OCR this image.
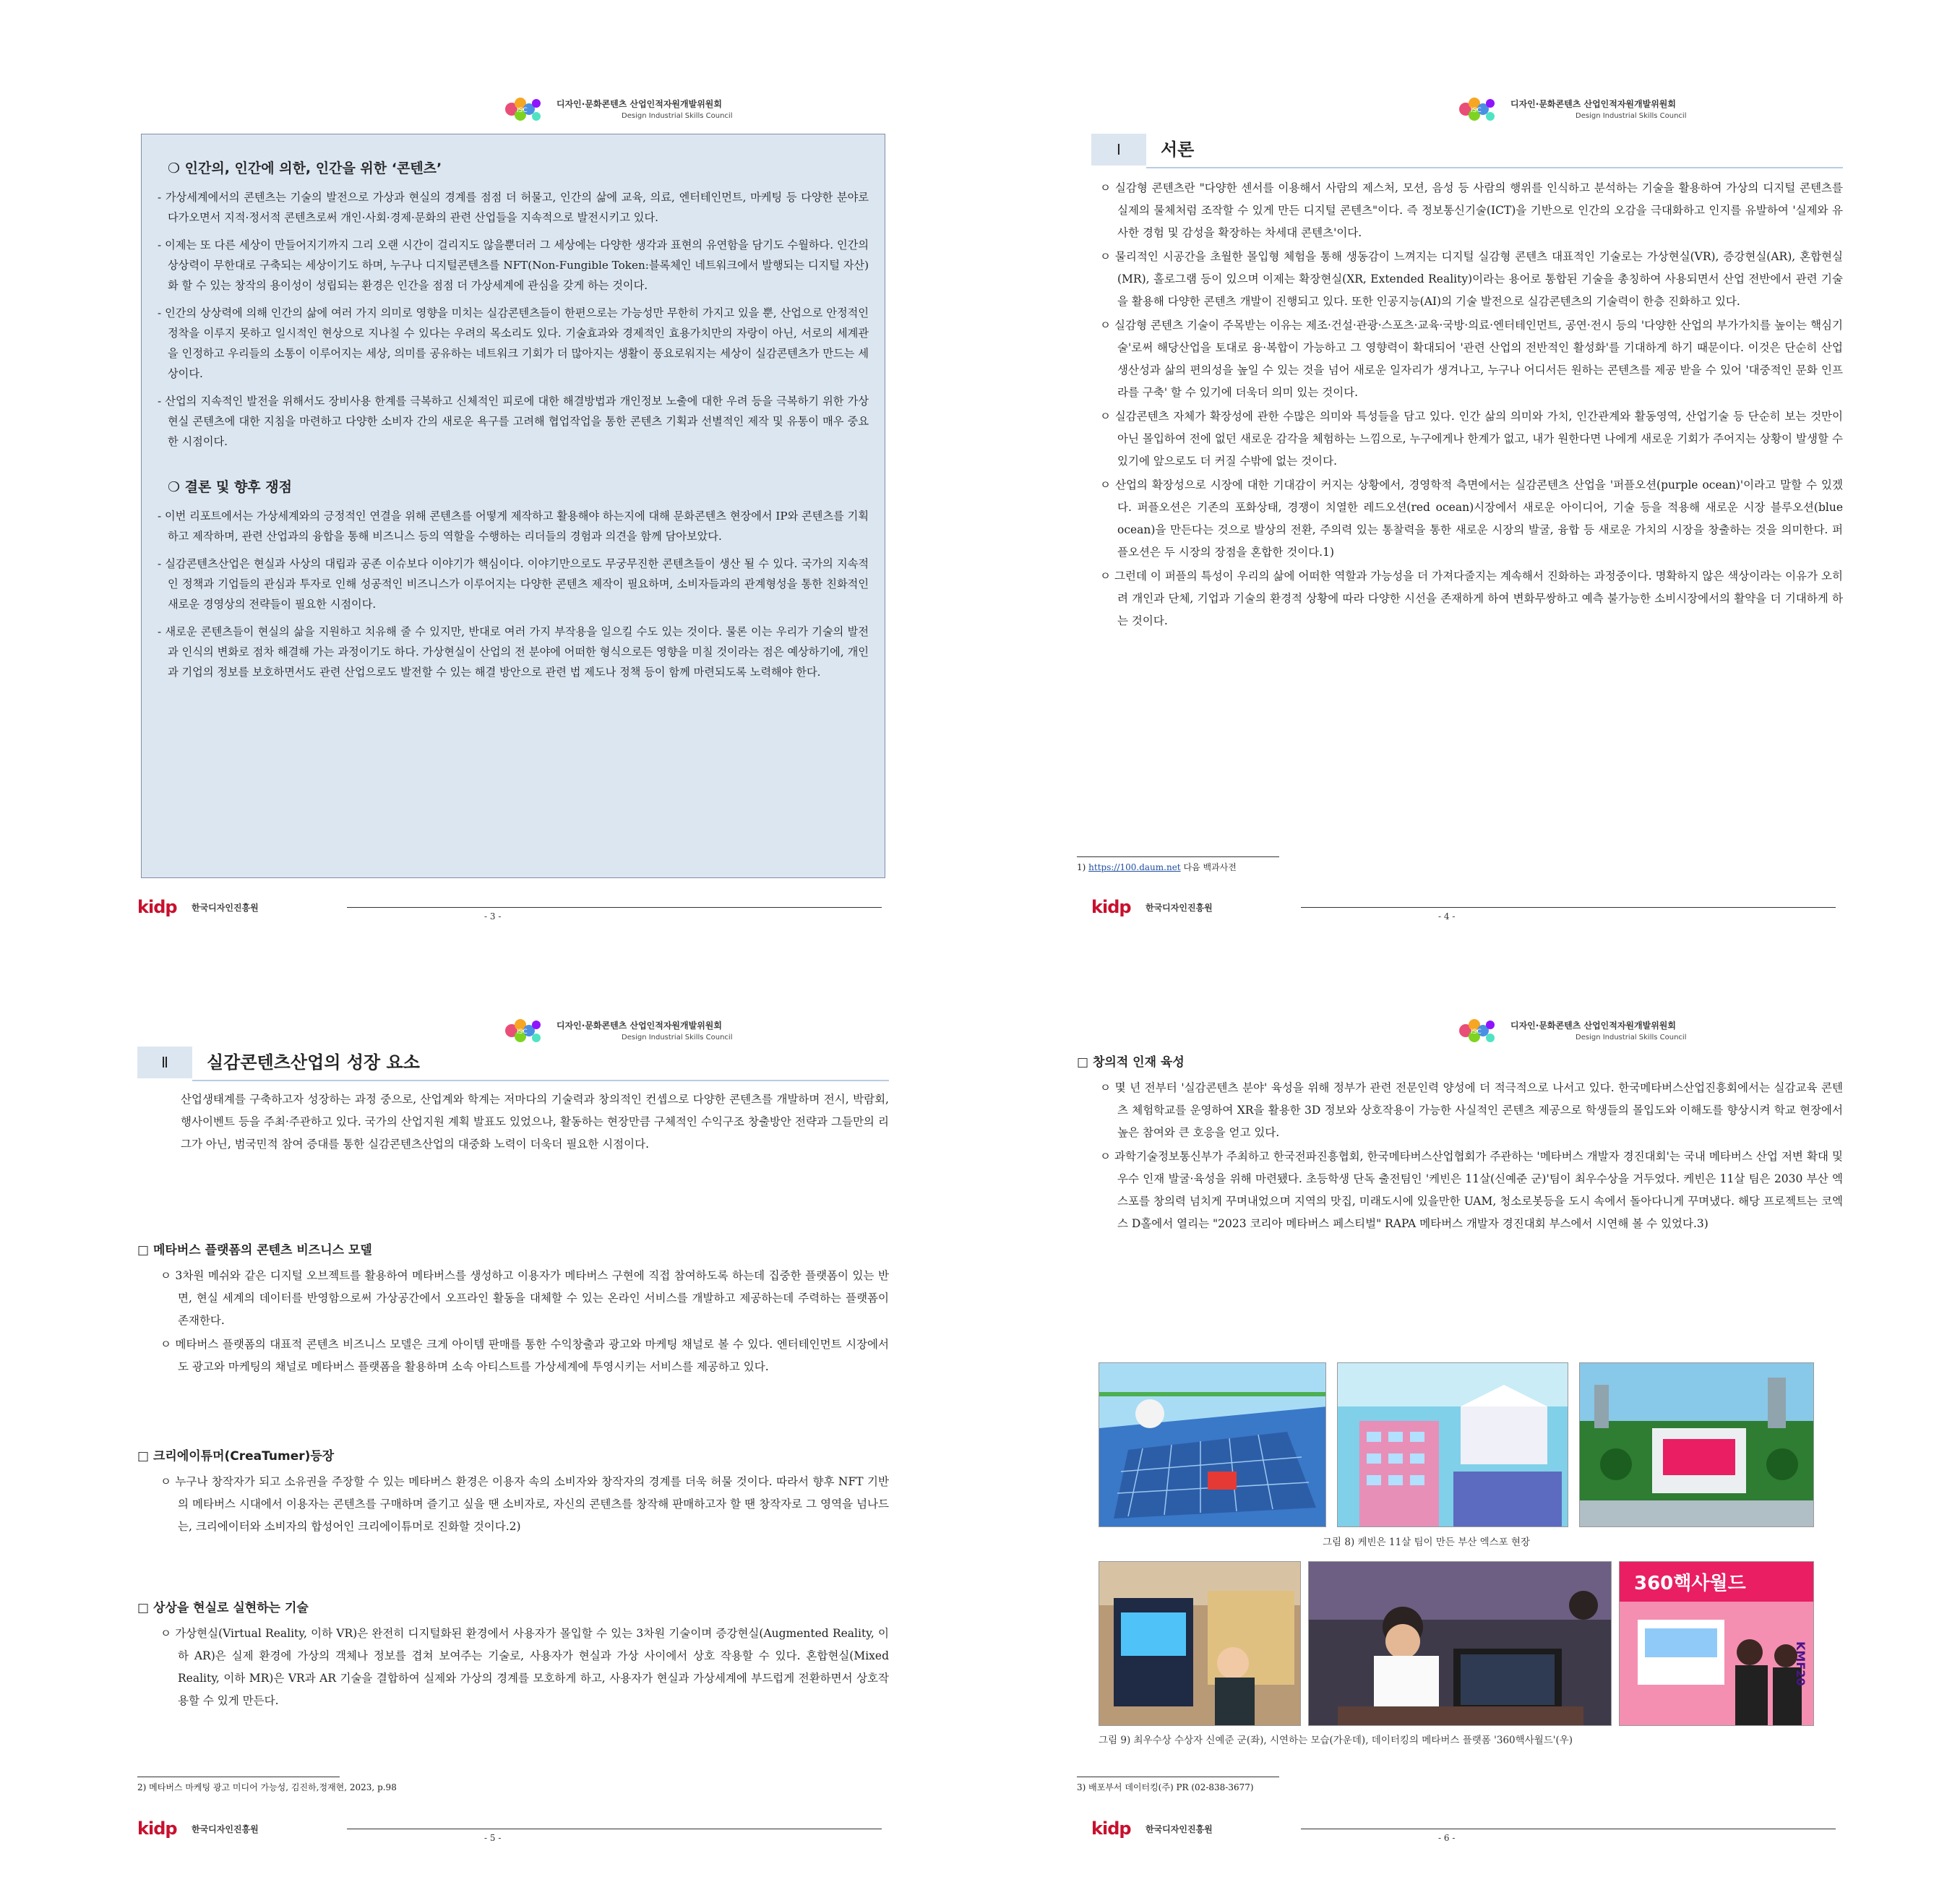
ISC
디자인·문화콘텐츠 산업인적자원개발위원회
Design Industrial Skills Council
❍ 인간의, 인간에 의한, 인간을 위한 ‘콘텐츠’
- 가상세계에서의 콘텐츠는 기술의 발전으로 가상과 현실의 경계를 점점 더 허물고, 인간의 삶에 교육, 의료, 엔터테인먼트, 마케팅 등 다양한 분야로 다가오면서 지적·정서적 콘텐츠로써 개인·사회·경제·문화의 관련 산업들을 지속적으로 발전시키고 있다.
- 이제는 또 다른 세상이 만들어지기까지 그리 오랜 시간이 걸리지도 않을뿐더러 그 세상에는 다양한 생각과 표현의 유연함을 담기도 수월하다. 인간의 상상력이 무한대로 구축되는 세상이기도 하며, 누구나 디지털콘텐츠를 NFT(Non-Fungible Token:블록체인 네트워크에서 발행되는 디지털 자산)화 할 수 있는 창작의 용이성이 성립되는 환경은 인간을 점점 더 가상세계에 관심을 갖게 하는 것이다.
- 인간의 상상력에 의해 인간의 삶에 여러 가지 의미로 영향을 미치는 실감콘텐츠들이 한편으로는 가능성만 무한히 가지고 있을 뿐, 산업으로 안정적인 정착을 이루지 못하고 일시적인 현상으로 지나칠 수 있다는 우려의 목소리도 있다. 기술효과와 경제적인 효용가치만의 자랑이 아닌, 서로의 세계관을 인정하고 우리들의 소통이 이루어지는 세상, 의미를 공유하는 네트워크 기회가 더 많아지는 생활이 풍요로워지는 세상이 실감콘텐츠가 만드는 세상이다.
- 산업의 지속적인 발전을 위해서도 장비사용 한계를 극복하고 신체적인 피로에 대한 해결방법과 개인정보 노출에 대한 우려 등을 극복하기 위한 가상현실 콘텐츠에 대한 지침을 마련하고 다양한 소비자 간의 새로운 욕구를 고려해 협업작업을 통한 콘텐츠 기획과 선별적인 제작 및 유통이 매우 중요한 시점이다.
❍ 결론 및 향후 쟁점
- 이번 리포트에서는 가상세계와의 긍정적인 연결을 위해 콘텐츠를 어떻게 제작하고 활용해야 하는지에 대해 문화콘텐츠 현장에서 IP와 콘텐츠를 기획하고 제작하며, 관련 산업과의 융합을 통해 비즈니스 등의 역할을 수행하는 리더들의 경험과 의견을 함께 담아보았다.
- 실감콘텐츠산업은 현실과 사상의 대립과 공존 이슈보다 이야기가 핵심이다. 이야기만으로도 무궁무진한 콘텐츠들이 생산 될 수 있다. 국가의 지속적인 정책과 기업들의 관심과 투자로 인해 성공적인 비즈니스가 이루어지는 다양한 콘텐츠 제작이 필요하며, 소비자들과의 관계형성을 통한 친화적인 새로운 경영상의 전략들이 필요한 시점이다.
- 새로운 콘텐츠들이 현실의 삶을 지원하고 치유해 줄 수 있지만, 반대로 여러 가지 부작용을 일으킬 수도 있는 것이다. 물론 이는 우리가 기술의 발전과 인식의 변화로 점차 해결해 가는 과정이기도 하다. 가상현실이 산업의 전 분야에 어떠한 형식으로든 영향을 미칠 것이라는 점은 예상하기에, 개인과 기업의 정보를 보호하면서도 관련 산업으로도 발전할 수 있는 해결 방안으로 관련 법 제도나 정책 등이 함께 마련되도록 노력해야 한다.
kidp 한국디자인진흥원
- 3 -
ISC
디자인·문화콘텐츠 산업인적자원개발위원회
Design Industrial Skills Council
Ⅰ	서론
ㅇ 실감형 콘텐츠란 "다양한 센서를 이용해서 사람의 제스처, 모션, 음성 등 사람의 행위를 인식하고 분석하는 기술을 활용하여 가상의 디지털 콘텐츠를 실제의 물체처럼 조작할 수 있게 만든 디지털 콘텐츠"이다. 즉 정보통신기술(ICT)을 기반으로 인간의 오감을 극대화하고 인지를 유발하여 '실제와 유사한 경험 및 감성을 확장하는 차세대 콘텐츠'이다.
ㅇ 물리적인 시공간을 초월한 몰입형 체험을 통해 생동감이 느껴지는 디지털 실감형 콘텐츠 대표적인 기술로는 가상현실(VR), 증강현실(AR), 혼합현실(MR), 홀로그램 등이 있으며 이제는 확장현실(XR, Extended Reality)이라는 용어로 통합된 기술을 총칭하여 사용되면서 산업 전반에서 관련 기술을 활용해 다양한 콘텐츠 개발이 진행되고 있다. 또한 인공지능(AI)의 기술 발전으로 실감콘텐츠의 기술력이 한층 진화하고 있다.
ㅇ 실감형 콘텐츠 기술이 주목받는 이유는 제조·건설·관광·스포츠·교육·국방·의료·엔터테인먼트, 공연·전시 등의 '다양한 산업의 부가가치를 높이는 핵심기술'로써 해당산업을 토대로 융·복합이 가능하고 그 영향력이 확대되어 '관련 산업의 전반적인 활성화'를 기대하게 하기 때문이다. 이것은 단순히 산업 생산성과 삶의 편의성을 높일 수 있는 것을 넘어 새로운 일자리가 생겨나고, 누구나 어디서든 원하는 콘텐츠를 제공 받을 수 있어 '대중적인 문화 인프라를 구축' 할 수 있기에 더욱더 의미 있는 것이다.
ㅇ 실감콘텐츠 자체가 확장성에 관한 수많은 의미와 특성들을 담고 있다. 인간 삶의 의미와 가치, 인간관계와 활동영역, 산업기술 등 단순히 보는 것만이 아닌 몰입하여 전에 없던 새로운 감각을 체험하는 느낌으로, 누구에게나 한계가 없고, 내가 원한다면 나에게 새로운 기회가 주어지는 상황이 발생할 수 있기에 앞으로도 더 커질 수밖에 없는 것이다.
ㅇ 산업의 확장성으로 시장에 대한 기대감이 커지는 상황에서, 경영학적 측면에서는 실감콘텐츠 산업을 '퍼플오션(purple ocean)'이라고 말할 수 있겠다. 퍼플오션은 기존의 포화상태, 경쟁이 치열한 레드오션(red ocean)시장에서 새로운 아이디어, 기술 등을 적용해 새로운 시장 블루오션(blue ocean)을 만든다는 것으로 발상의 전환, 주의력 있는 통찰력을 통한 새로운 시장의 발굴, 융합 등 새로운 가치의 시장을 창출하는 것을 의미한다. 퍼플오션은 두 시장의 장점을 혼합한 것이다.1)
ㅇ 그런데 이 퍼플의 특성이 우리의 삶에 어떠한 역할과 가능성을 더 가져다줄지는 계속해서 진화하는 과정중이다. 명확하지 않은 색상이라는 이유가 오히려 개인과 단체, 기업과 기술의 환경적 상황에 따라 다양한 시선을 존재하게 하여 변화무쌍하고 예측 불가능한 소비시장에서의 활약을 더 기대하게 하는 것이다.
1) https://100.daum.net 다음 백과사전
kidp 한국디자인진흥원
- 4 -
ISC
디자인·문화콘텐츠 산업인적자원개발위원회
Design Industrial Skills Council
Ⅱ	실감콘텐츠산업의 성장 요소
산업생태계를 구축하고자 성장하는 과정 중으로, 산업계와 학계는 저마다의 기술력과 창의적인 컨셉으로 다양한 콘텐츠를 개발하며 전시, 박람회, 행사이벤트 등을 주최·주관하고 있다. 국가의 산업지원 계획 발표도 있었으나, 활동하는 현장만큼 구체적인 수익구조 창출방안 전략과 그들만의 리그가 아닌, 범국민적 참여 증대를 통한 실감콘텐츠산업의 대중화 노력이 더욱더 필요한 시점이다.
□ 메타버스 플랫폼의 콘텐츠 비즈니스 모델
ㅇ 3차원 메쉬와 같은 디지털 오브젝트를 활용하여 메타버스를 생성하고 이용자가 메타버스 구현에 직접 참여하도록 하는데 집중한 플랫폼이 있는 반면, 현실 세계의 데이터를 반영함으로써 가상공간에서 오프라인 활동을 대체할 수 있는 온라인 서비스를 개발하고 제공하는데 주력하는 플랫폼이 존재한다.
ㅇ 메타버스 플랫폼의 대표적 콘텐츠 비즈니스 모델은 크게 아이템 판매를 통한 수익창출과 광고와 마케팅 채널로 볼 수 있다. 엔터테인먼트 시장에서도 광고와 마케팅의 채널로 메타버스 플랫폼을 활용하며 소속 아티스트를 가상세계에 투영시키는 서비스를 제공하고 있다.
□ 크리에이튜머(CreaTumer)등장
ㅇ 누구나 창작자가 되고 소유권을 주장할 수 있는 메타버스 환경은 이용자 속의 소비자와 창작자의 경계를 더욱 허물 것이다. 따라서 향후 NFT 기반의 메타버스 시대에서 이용자는 콘텐츠를 구매하며 즐기고 싶을 땐 소비자로, 자신의 콘텐츠를 창작해 판매하고자 할 땐 창작자로 그 영역을 넘나드는, 크리에이터와 소비자의 합성어인 크리에이튜머로 진화할 것이다.2)
□ 상상을 현실로 실현하는 기술
ㅇ 가상현실(Virtual Reality, 이하 VR)은 완전히 디지털화된 환경에서 사용자가 몰입할 수 있는 3차원 기술이며 증강현실(Augmented Reality, 이하 AR)은 실제 환경에 가상의 객체나 정보를 겹쳐 보여주는 기술로, 사용자가 현실과 가상 사이에서 상호 작용할 수 있다. 혼합현실(Mixed Reality, 이하 MR)은 VR과 AR 기술을 결합하여 실제와 가상의 경계를 모호하게 하고, 사용자가 현실과 가상세계에 부드럽게 전환하면서 상호작용할 수 있게 만든다.
2) 메타버스 마케팅 광고 미디어 가능성, 김진하,정재현, 2023, p.98
kidp 한국디자인진흥원
- 5 -
ISC
디자인·문화콘텐츠 산업인적자원개발위원회
Design Industrial Skills Council
□ 창의적 인재 육성
ㅇ 몇 년 전부터 '실감콘텐츠 분야' 육성을 위해 정부가 관련 전문인력 양성에 더 적극적으로 나서고 있다. 한국메타버스산업진흥회에서는 실감교육 콘텐츠 체험학교를 운영하여 XR을 활용한 3D 정보와 상호작용이 가능한 사실적인 콘텐츠 제공으로 학생들의 몰입도와 이해도를 향상시켜 학교 현장에서 높은 참여와 큰 호응을 얻고 있다.
ㅇ 과학기술정보통신부가 주최하고 한국전파진흥협회, 한국메타버스산업협회가 주관하는 '메타버스 개발자 경진대회'는 국내 메타버스 산업 저변 확대 및 우수 인재 발굴·육성을 위해 마련됐다. 초등학생 단독 출전팀인 '케빈은 11살(신예준 군)'팀이 최우수상을 거두었다. 케빈은 11살 팀은 2030 부산 엑스포를 창의력 넘치게 꾸며내었으며 지역의 맛집, 미래도시에 있을만한 UAM, 청소로봇등을 도시 속에서 돌아다니게 꾸며냈다. 해당 프로젝트는 코엑스 D홀에서 열리는 "2023 코리아 메타버스 페스티벌" RAPA 메타버스 개발자 경진대회 부스에서 시연해 볼 수 있었다.3)
그림 8) 케빈은 11살 팀이 만든 부산 엑스포 현장
360핵사월드
KMF20
그림 9) 최우수상 수상자 신예준 군(좌), 시연하는 모습(가운데), 데이터킹의 메타버스 플랫폼 '360핵사월드'(우)
3) 배포부서 데이터킹(주) PR (02-838-3677)
kidp 한국디자인진흥원
- 6 -
